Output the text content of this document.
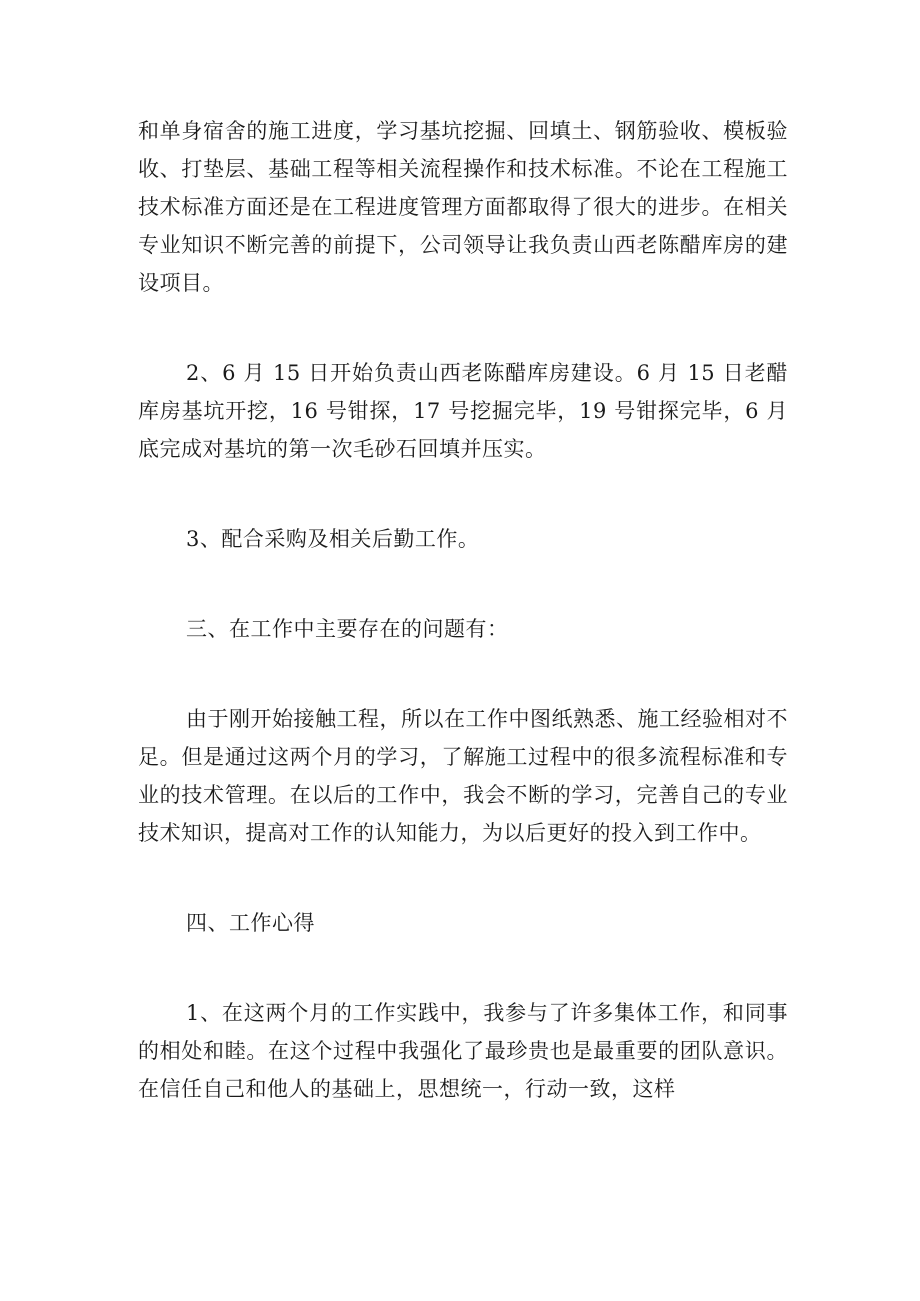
和单身宿舍的施工进度，学习基坑挖掘、回填土、钢筋验收、模板验收、打垫层、基础工程等相关流程操作和技术标准。不论在工程施工技术标准方面还是在工程进度管理方面都取得了很大的进步。在相关专业知识不断完善的前提下，公司领导让我负责山西老陈醋库房的建设项目。

2、6 月 15 日开始负责山西老陈醋库房建设。6 月 15 日老醋库房基坑开挖，16 号钳探，17 号挖掘完毕，19 号钳探完毕，6 月底完成对基坑的第一次毛砂石回填并压实。

3、配合采购及相关后勤工作。

三、在工作中主要存在的问题有：

由于刚开始接触工程，所以在工作中图纸熟悉、施工经验相对不足。但是通过这两个月的学习，了解施工过程中的很多流程标准和专业的技术管理。在以后的工作中，我会不断的学习，完善自己的专业技术知识，提高对工作的认知能力，为以后更好的投入到工作中。

四、工作心得

1、在这两个月的工作实践中，我参与了许多集体工作，和同事的相处和睦。在这个过程中我强化了最珍贵也是最重要的团队意识。在信任自己和他人的基础上，思想统一，行动一致，这样
